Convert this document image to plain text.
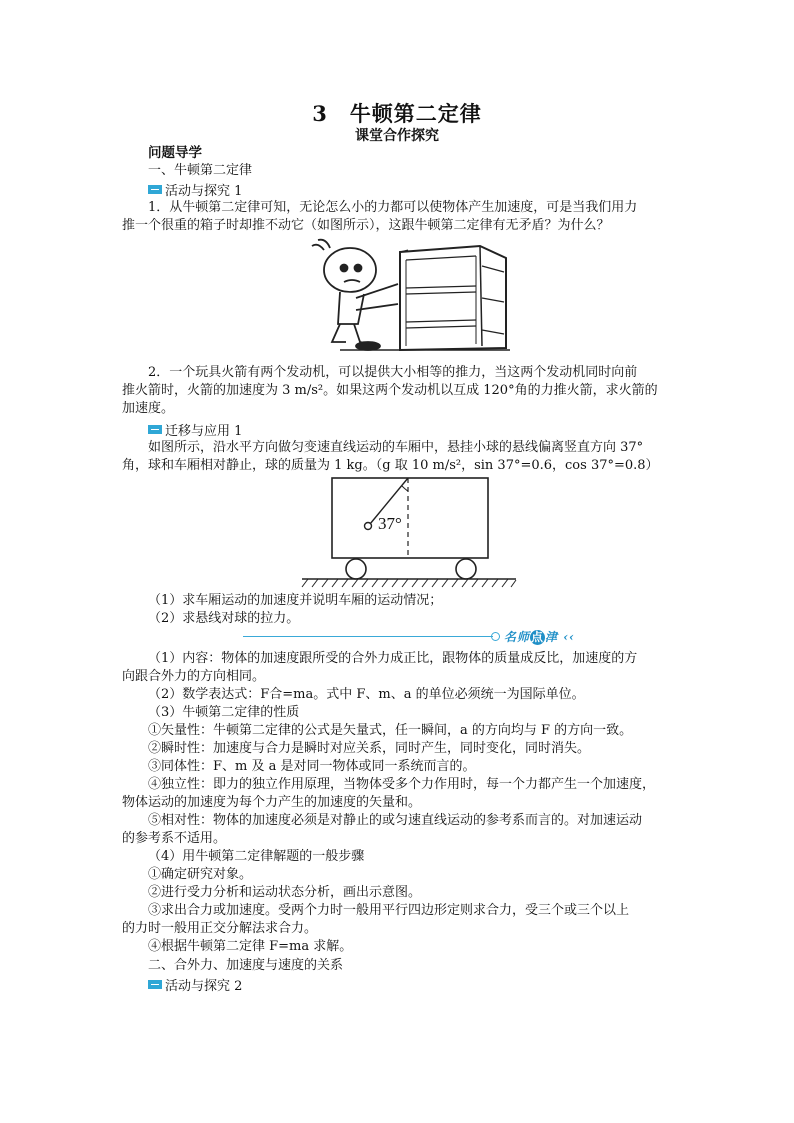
3　牛顿第二定律
课堂合作探究
问题导学
一、牛顿第二定律
活动与探究 1
1．从牛顿第二定律可知，无论怎么小的力都可以使物体产生加速度，可是当我们用力
推一个很重的箱子时却推不动它（如图所示），这跟牛顿第二定律有无矛盾？为什么？
2．一个玩具火箭有两个发动机，可以提供大小相等的推力，当这两个发动机同时向前
推火箭时，火箭的加速度为 3 m/s²。如果这两个发动机以互成 120°角的力推火箭，求火箭的
加速度。
迁移与应用 1
如图所示，沿水平方向做匀变速直线运动的车厢中，悬挂小球的悬线偏离竖直方向 37°
角，球和车厢相对静止，球的质量为 1 kg。（g 取 10 m/s²，sin 37°=0.6，cos 37°=0.8）
37°
（1）求车厢运动的加速度并说明车厢的运动情况；
（2）求悬线对球的拉力。
名师点津 ‹‹
（1）内容：物体的加速度跟所受的合外力成正比，跟物体的质量成反比，加速度的方
向跟合外力的方向相同。
（2）数学表达式：F合=ma。式中 F、m、a 的单位必须统一为国际单位。
（3）牛顿第二定律的性质
①矢量性：牛顿第二定律的公式是矢量式，任一瞬间，a 的方向均与 F 的方向一致。
②瞬时性：加速度与合力是瞬时对应关系，同时产生，同时变化，同时消失。
③同体性：F、m 及 a 是对同一物体或同一系统而言的。
④独立性：即力的独立作用原理，当物体受多个力作用时，每一个力都产生一个加速度，
物体运动的加速度为每个力产生的加速度的矢量和。
⑤相对性：物体的加速度必须是对静止的或匀速直线运动的参考系而言的。对加速运动
的参考系不适用。
（4）用牛顿第二定律解题的一般步骤
①确定研究对象。
②进行受力分析和运动状态分析，画出示意图。
③求出合力或加速度。受两个力时一般用平行四边形定则求合力，受三个或三个以上
的力时一般用正交分解法求合力。
④根据牛顿第二定律 F=ma 求解。
二、合外力、加速度与速度的关系
活动与探究 2
